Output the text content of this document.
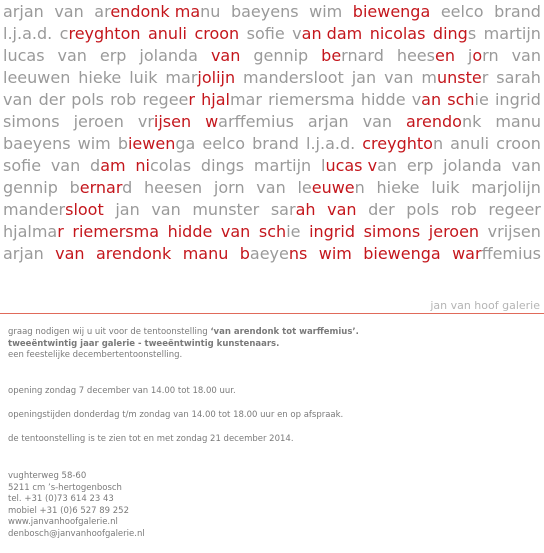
arjan van arendonk manu baeyens wim biewenga eelco brand
l.j.a.d. creyghton anuli croon sofie van dam nicolas dings martijn
lucas van erp jolanda van gennip bernard heesen jorn van
leeuwen hieke luik marjolijn mandersloot jan van munster sarah
van der pols rob regeer hjalmar riemersma hidde van schie ingrid
simons jeroen vrijsen warffemius arjan van arendonk manu
baeyens wim biewenga eelco brand l.j.a.d. creyghton anuli croon
sofie van dam nicolas dings martijn lucas van erp jolanda van
gennip bernard heesen jorn van leeuwen hieke luik marjolijn
mandersloot jan van munster sarah van der pols rob regeer
hjalmar riemersma hidde van schie ingrid simons jeroen vrijsen
arjan van arendonk manu baeyens wim biewenga warffemius
jan van hoof galerie
graag nodigen wij u uit voor de tentoonstelling ‘van arendonk tot warffemius’.
tweeëntwintig jaar galerie - tweeëntwintig kunstenaars.
een feestelijke decembertentoonstelling.
opening zondag 7 december van 14.00 tot 18.00 uur.
openingstijden donderdag t/m zondag van 14.00 tot 18.00 uur en op afspraak.
de tentoonstelling is te zien tot en met zondag 21 december 2014.
vughterweg 58-60
5211 cm ’s-hertogenbosch
tel. +31 (0)73 614 23 43
mobiel +31 (0)6 527 89 252
www.janvanhoofgalerie.nl
denbosch@janvanhoofgalerie.nl
